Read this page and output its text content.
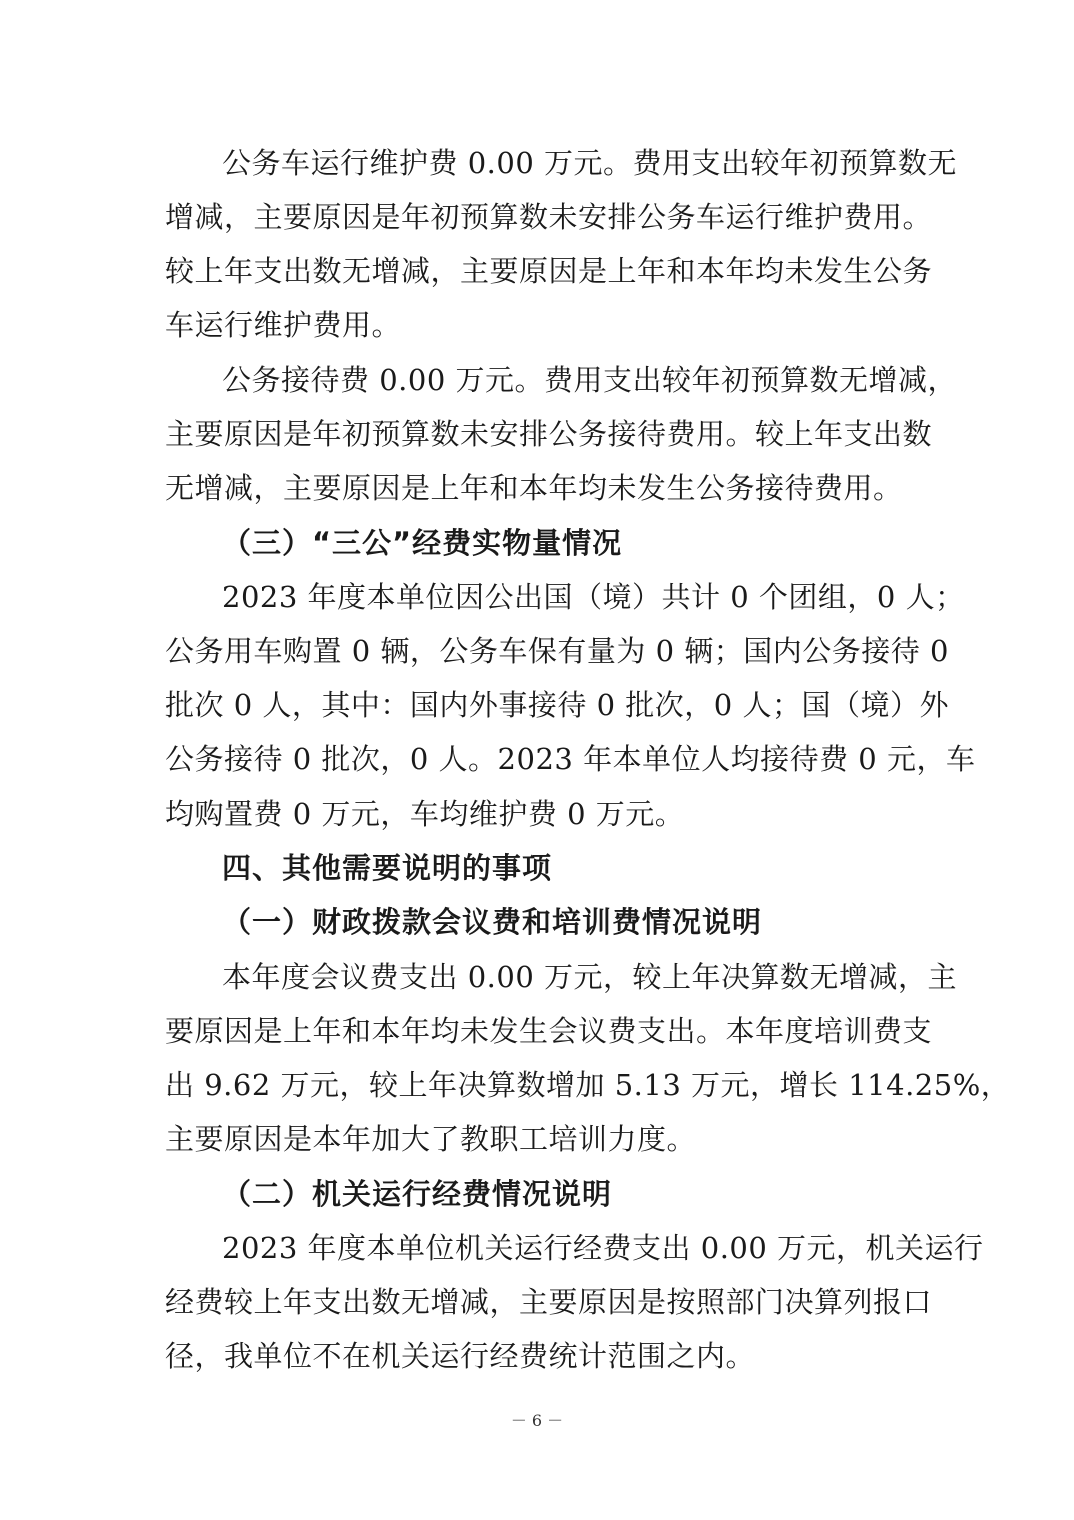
公务车运行维护费 0.00 万元。费用支出较年初预算数无
增减，主要原因是年初预算数未安排公务车运行维护费用。
较上年支出数无增减，主要原因是上年和本年均未发生公务
车运行维护费用。
公务接待费 0.00 万元。费用支出较年初预算数无增减，
主要原因是年初预算数未安排公务接待费用。较上年支出数
无增减，主要原因是上年和本年均未发生公务接待费用。
（三）“三公”经费实物量情况
2023 年度本单位因公出国（境）共计 0 个团组，0 人；
公务用车购置 0 辆，公务车保有量为 0 辆；国内公务接待 0
批次 0 人，其中：国内外事接待 0 批次，0 人；国（境）外
公务接待 0 批次，0 人。2023 年本单位人均接待费 0 元，车
均购置费 0 万元，车均维护费 0 万元。
四、其他需要说明的事项
（一）财政拨款会议费和培训费情况说明
本年度会议费支出 0.00 万元，较上年决算数无增减，主
要原因是上年和本年均未发生会议费支出。本年度培训费支
出 9.62 万元，较上年决算数增加 5.13 万元，增长 114.25%，
主要原因是本年加大了教职工培训力度。
（二）机关运行经费情况说明
2023 年度本单位机关运行经费支出 0.00 万元，机关运行
经费较上年支出数无增减，主要原因是按照部门决算列报口
径，我单位不在机关运行经费统计范围之内。
－ 6 －
